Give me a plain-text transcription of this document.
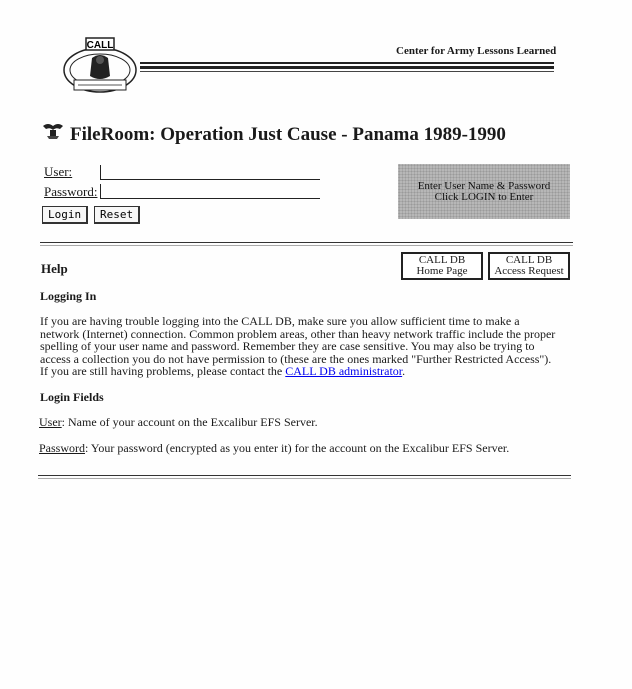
CALL	Center for Army Lessons Learned
FileRoom: Operation Just Cause - Panama 1989-1990
User:
Password:
Login	Reset
Enter User Name & Password
Click LOGIN to Enter
Help
CALL DB
Home Page
CALL DB
Access Request
Logging In
If you are having trouble logging into the CALL DB, make sure you allow sufficient time to make a network (Internet) connection. Common problem areas, other than heavy network traffic include the proper spelling of your user name and password. Remember they are case sensitive. You may also be trying to access a collection you do not have permission to (these are the ones marked "Further Restricted Access"). If you are still having problems, please contact the CALL DB administrator.
Login Fields
User: Name of your account on the Excalibur EFS Server.
Password: Your password (encrypted as you enter it) for the account on the Excalibur EFS Server.
